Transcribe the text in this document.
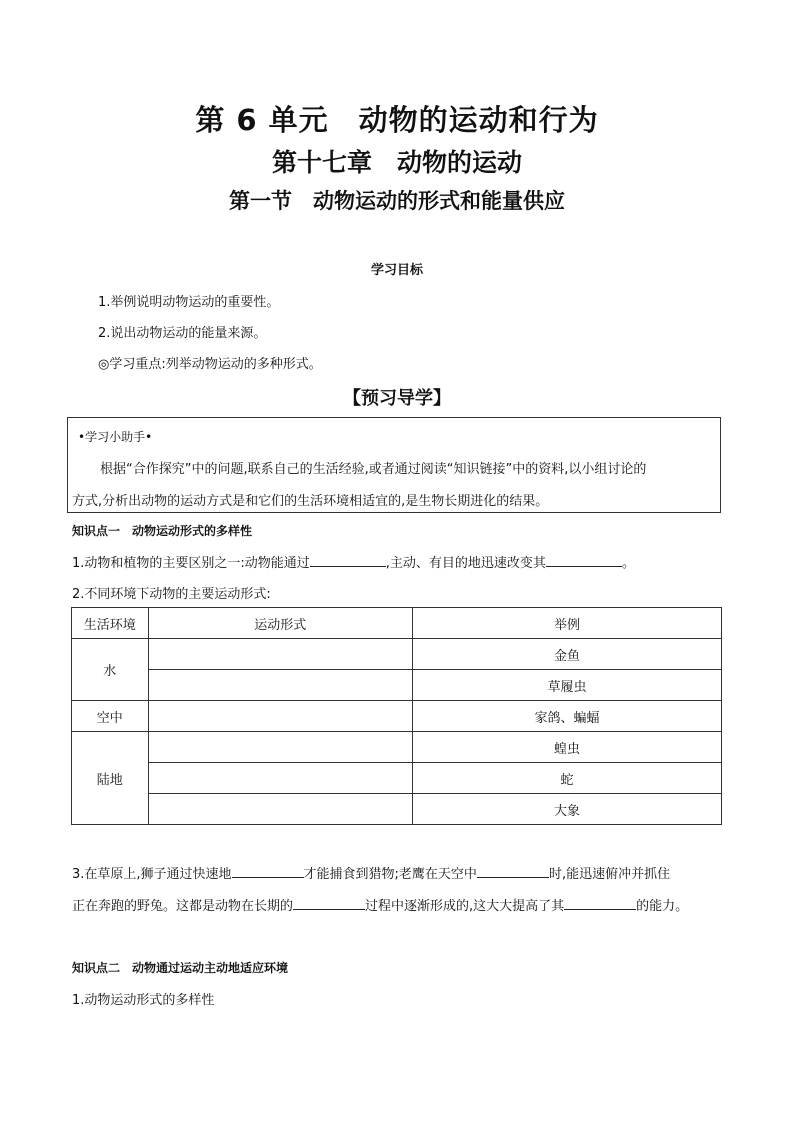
第 6 单元　动物的运动和行为
第十七章　动物的运动
第一节　动物运动的形式和能量供应
学习目标
1.举例说明动物运动的重要性。
2.说出动物运动的能量来源。
◎学习重点:列举动物运动的多种形式。
【预习导学】
•学习小助手•
根据“合作探究”中的问题,联系自己的生活经验,或者通过阅读“知识链接”中的资料,以小组讨论的
方式,分析出动物的运动方式是和它们的生活环境相适宜的,是生物长期进化的结果。
知识点一　动物运动形式的多样性
1.动物和植物的主要区别之一:动物能通过	,主动、有目的地迅速改变其	。
2.不同环境下动物的主要运动形式:
生活环境	运动形式	举例
水		金鱼
		草履虫
空中		家鸽、蝙蝠
陆地		蝗虫
		蛇
		大象
3.在草原上,狮子通过快速地	才能捕食到猎物;老鹰在天空中	时,能迅速俯冲并抓住
正在奔跑的野兔。这都是动物在长期的	过程中逐渐形成的,这大大提高了其	的能力。
知识点二　动物通过运动主动地适应环境
1.动物运动形式的多样性
